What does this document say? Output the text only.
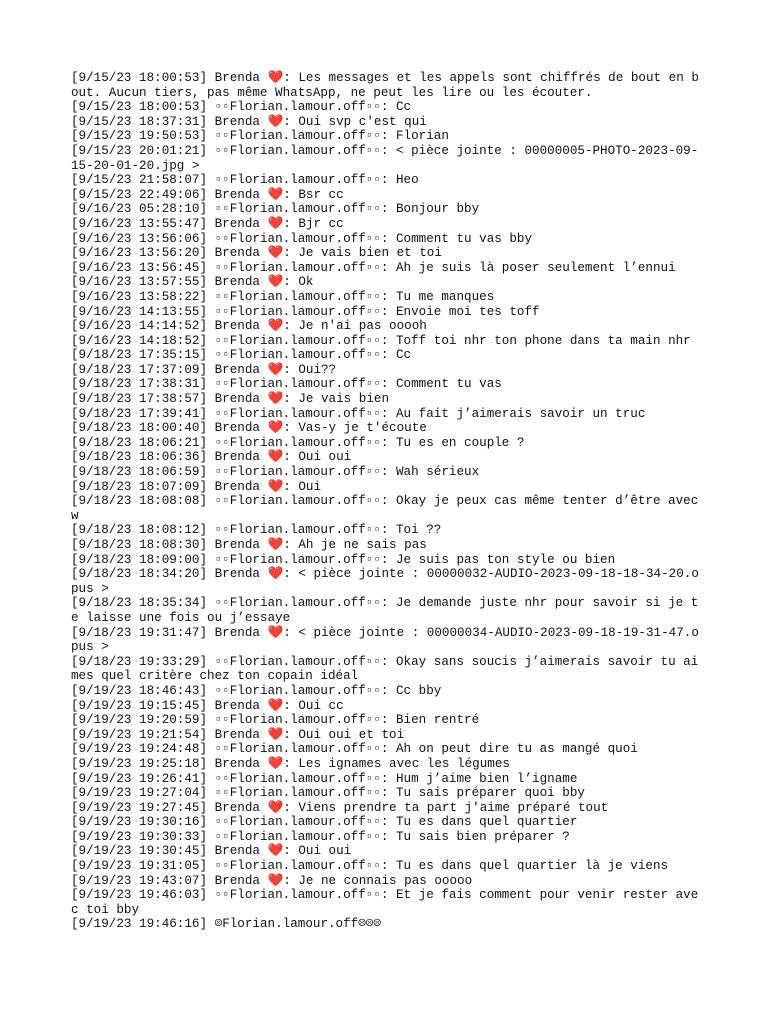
[9/15/23 18:00:53] Brenda ❤️: Les messages et les appels sont chiffrés de bout en bout. Aucun tiers, pas même WhatsApp, ne peut les lire ou les écouter.
[9/15/23 18:00:53] ▫▫Florian.lamour.off▫▫: Cc
[9/15/23 18:37:31] Brenda ❤️: Oui svp c'est qui
[9/15/23 19:50:53] ▫▫Florian.lamour.off▫▫: Florian
[9/15/23 20:01:21] ▫▫Florian.lamour.off▫▫: < pièce jointe : 00000005-PHOTO-2023-09-15-20-01-20.jpg >
[9/15/23 21:58:07] ▫▫Florian.lamour.off▫▫: Heo
[9/15/23 22:49:06] Brenda ❤️: Bsr cc
[9/16/23 05:28:10] ▫▫Florian.lamour.off▫▫: Bonjour bby
[9/16/23 13:55:47] Brenda ❤️: Bjr cc
[9/16/23 13:56:06] ▫▫Florian.lamour.off▫▫: Comment tu vas bby
[9/16/23 13:56:20] Brenda ❤️: Je vais bien et toi
[9/16/23 13:56:45] ▫▫Florian.lamour.off▫▫: Ah je suis là poser seulement l’ennui
[9/16/23 13:57:55] Brenda ❤️: Ok
[9/16/23 13:58:22] ▫▫Florian.lamour.off▫▫: Tu me manques
[9/16/23 14:13:55] ▫▫Florian.lamour.off▫▫: Envoie moi tes toff
[9/16/23 14:14:52] Brenda ❤️: Je n'ai pas ooooh
[9/16/23 14:18:52] ▫▫Florian.lamour.off▫▫: Toff toi nhr ton phone dans ta main nhr
[9/18/23 17:35:15] ▫▫Florian.lamour.off▫▫: Cc
[9/18/23 17:37:09] Brenda ❤️: Oui??
[9/18/23 17:38:31] ▫▫Florian.lamour.off▫▫: Comment tu vas
[9/18/23 17:38:57] Brenda ❤️: Je vais bien
[9/18/23 17:39:41] ▫▫Florian.lamour.off▫▫: Au fait j’aimerais savoir un truc
[9/18/23 18:00:40] Brenda ❤️: Vas-y je t'écoute
[9/18/23 18:06:21] ▫▫Florian.lamour.off▫▫: Tu es en couple ?
[9/18/23 18:06:36] Brenda ❤️: Oui oui
[9/18/23 18:06:59] ▫▫Florian.lamour.off▫▫: Wah sérieux
[9/18/23 18:07:09] Brenda ❤️: Oui
[9/18/23 18:08:08] ▫▫Florian.lamour.off▫▫: Okay je peux cas même tenter d’être avec w
[9/18/23 18:08:12] ▫▫Florian.lamour.off▫▫: Toi ??
[9/18/23 18:08:30] Brenda ❤️: Ah je ne sais pas
[9/18/23 18:09:00] ▫▫Florian.lamour.off▫▫: Je suis pas ton style ou bien
[9/18/23 18:34:20] Brenda ❤️: < pièce jointe : 00000032-AUDIO-2023-09-18-18-34-20.opus >
[9/18/23 18:35:34] ▫▫Florian.lamour.off▫▫: Je demande juste nhr pour savoir si je te laisse une fois ou j’essaye
[9/18/23 19:31:47] Brenda ❤️: < pièce jointe : 00000034-AUDIO-2023-09-18-19-31-47.opus >
[9/18/23 19:33:29] ▫▫Florian.lamour.off▫▫: Okay sans soucis j’aimerais savoir tu aimes quel critère chez ton copain idéal
[9/19/23 18:46:43] ▫▫Florian.lamour.off▫▫: Cc bby
[9/19/23 19:15:45] Brenda ❤️: Oui cc
[9/19/23 19:20:59] ▫▫Florian.lamour.off▫▫: Bien rentré
[9/19/23 19:21:54] Brenda ❤️: Oui oui et toi
[9/19/23 19:24:48] ▫▫Florian.lamour.off▫▫: Ah on peut dire tu as mangé quoi
[9/19/23 19:25:18] Brenda ❤️: Les ignames avec les légumes
[9/19/23 19:26:41] ▫▫Florian.lamour.off▫▫: Hum j’aime bien l’igname
[9/19/23 19:27:04] ▫▫Florian.lamour.off▫▫: Tu sais préparer quoi bby
[9/19/23 19:27:45] Brenda ❤️: Viens prendre ta part j'aime préparé tout
[9/19/23 19:30:16] ▫▫Florian.lamour.off▫▫: Tu es dans quel quartier
[9/19/23 19:30:33] ▫▫Florian.lamour.off▫▫: Tu sais bien préparer ?
[9/19/23 19:30:45] Brenda ❤️: Oui oui
[9/19/23 19:31:05] ▫▫Florian.lamour.off▫▫: Tu es dans quel quartier là je viens
[9/19/23 19:43:07] Brenda ❤️: Je ne connais pas ooooo
[9/19/23 19:46:03] ▫▫Florian.lamour.off▫▫: Et je fais comment pour venir rester avec toi bby
[9/19/23 19:46:16] ☹Florian.lamour.off☹☹☹
